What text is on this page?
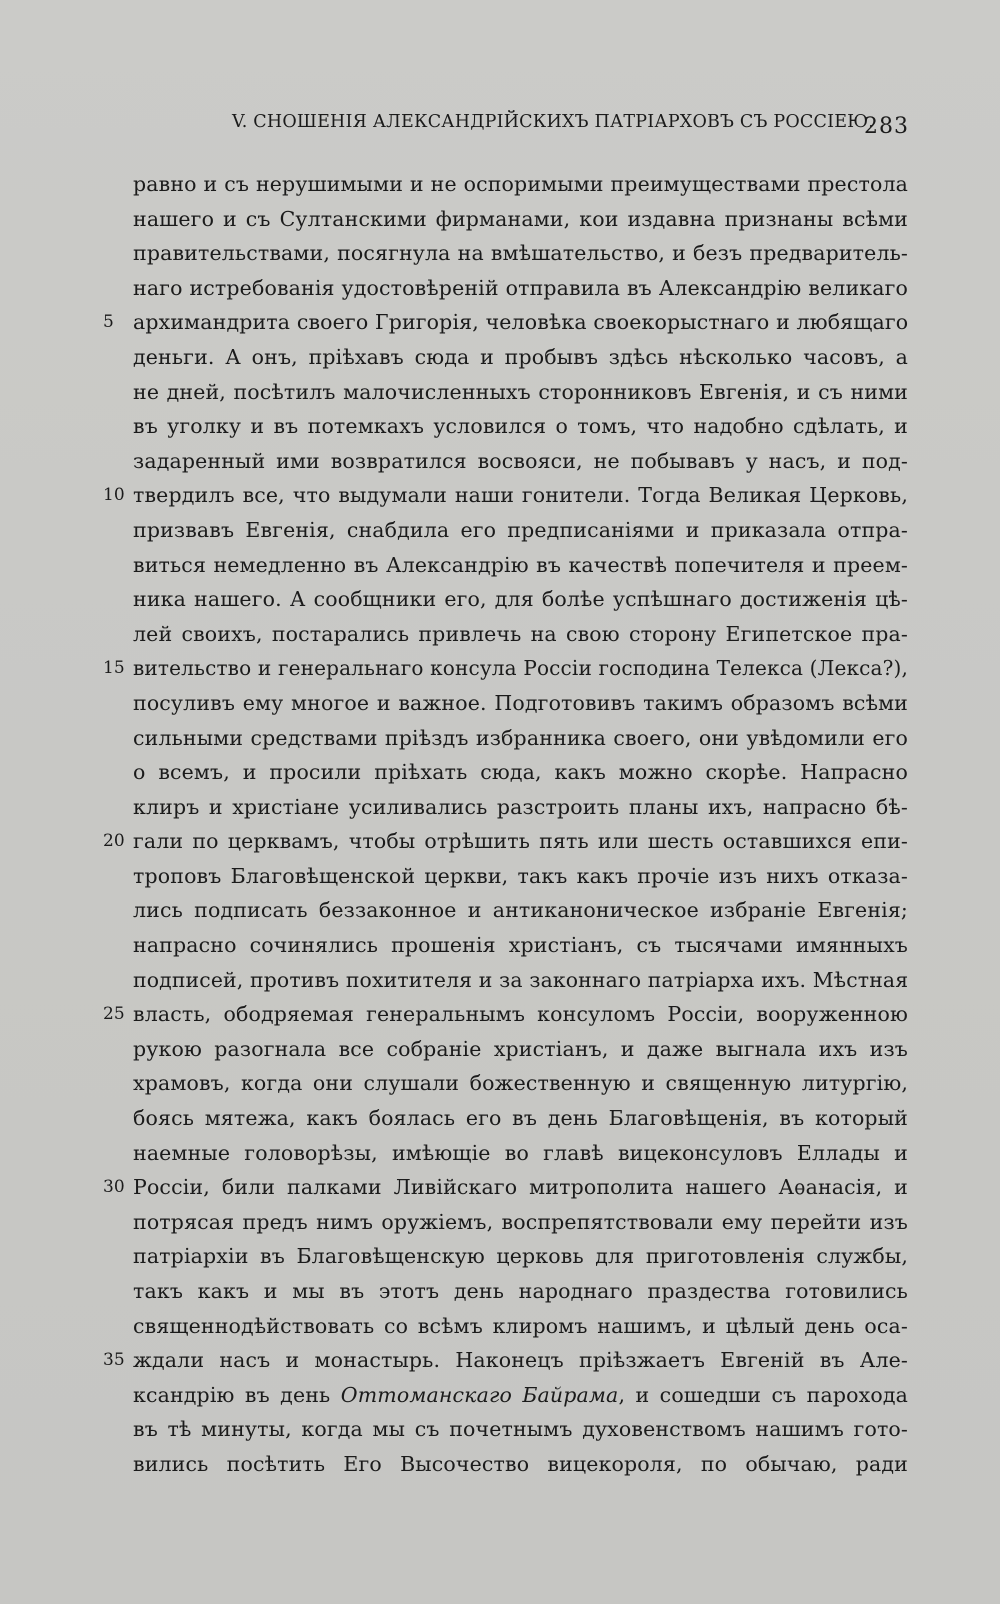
V. СНОШЕНІЯ АЛЕКСАНДРІЙСКИХЪ ПАТРІАРХОВЪ СЪ РОССІЕЮ.
283
равно и съ нерушимыми и не оспоримыми преимуществами престола
нашего и съ Султанскими фирманами, кои издавна признаны всѣми
правительствами, посягнула на вмѣшательство, и безъ предваритель-
наго истребованія удостовѣреній отправила въ Александрію великаго
5 архимандрита своего Григорія, человѣка своекорыстнаго и любящаго
деньги. А онъ, пріѣхавъ сюда и пробывъ здѣсь нѣсколько часовъ, а
не дней, посѣтилъ малочисленныхъ сторонниковъ Евгенія, и съ ними
въ уголку и въ потемкахъ условился о томъ, что надобно сдѣлать, и
задаренный ими возвратился восвояси, не побывавъ у насъ, и под-
10 твердилъ все, что выдумали наши гонители. Тогда Великая Церковь,
призвавъ Евгенія, снабдила его предписаніями и приказала отпра-
виться немедленно въ Александрію въ качествѣ попечителя и преем-
ника нашего. А сообщники его, для болѣе успѣшнаго достиженія цѣ-
лей своихъ, постарались привлечь на свою сторону Египетское пра-
15 вительство и генеральнаго консула Россіи господина Телекса (Лекса?),
посуливъ ему многое и важное. Подготовивъ такимъ образомъ всѣми
сильными средствами пріѣздъ избранника своего, они увѣдомили его
о всемъ, и просили пріѣхать сюда, какъ можно скорѣе. Напрасно
клиръ и христіане усиливались разстроить планы ихъ, напрасно бѣ-
20 гали по церквамъ, чтобы отрѣшить пять или шесть оставшихся епи-
троповъ Благовѣщенской церкви, такъ какъ прочіе изъ нихъ отказа-
лись подписать беззаконное и антиканоническое избраніе Евгенія;
напрасно сочинялись прошенія христіанъ, съ тысячами имянныхъ
подписей, противъ похитителя и за законнаго патріарха ихъ. Мѣстная
25 власть, ободряемая генеральнымъ консуломъ Россіи, вооруженною
рукою разогнала все собраніе христіанъ, и даже выгнала ихъ изъ
храмовъ, когда они слушали божественную и священную литургію,
боясь мятежа, какъ боялась его въ день Благовѣщенія, въ который
наемные головорѣзы, имѣющіе во главѣ вицеконсуловъ Еллады и
30 Россіи, били палками Ливійскаго митрополита нашего Аѳанасія, и
потрясая предъ нимъ оружіемъ, воспрепятствовали ему перейти изъ
патріархіи въ Благовѣщенскую церковь для приготовленія службы,
такъ какъ и мы въ этотъ день народнаго праздества готовились
священнодѣйствовать со всѣмъ клиромъ нашимъ, и цѣлый день оса-
35 ждали насъ и монастырь. Наконецъ пріѣзжаетъ Евгеній въ Але-
ксандрію въ день Оттоманскаго Байрама, и сошедши съ парохода
въ тѣ минуты, когда мы съ почетнымъ духовенствомъ нашимъ гото-
вились посѣтить Его Высочество вицекороля, по обычаю, ради
